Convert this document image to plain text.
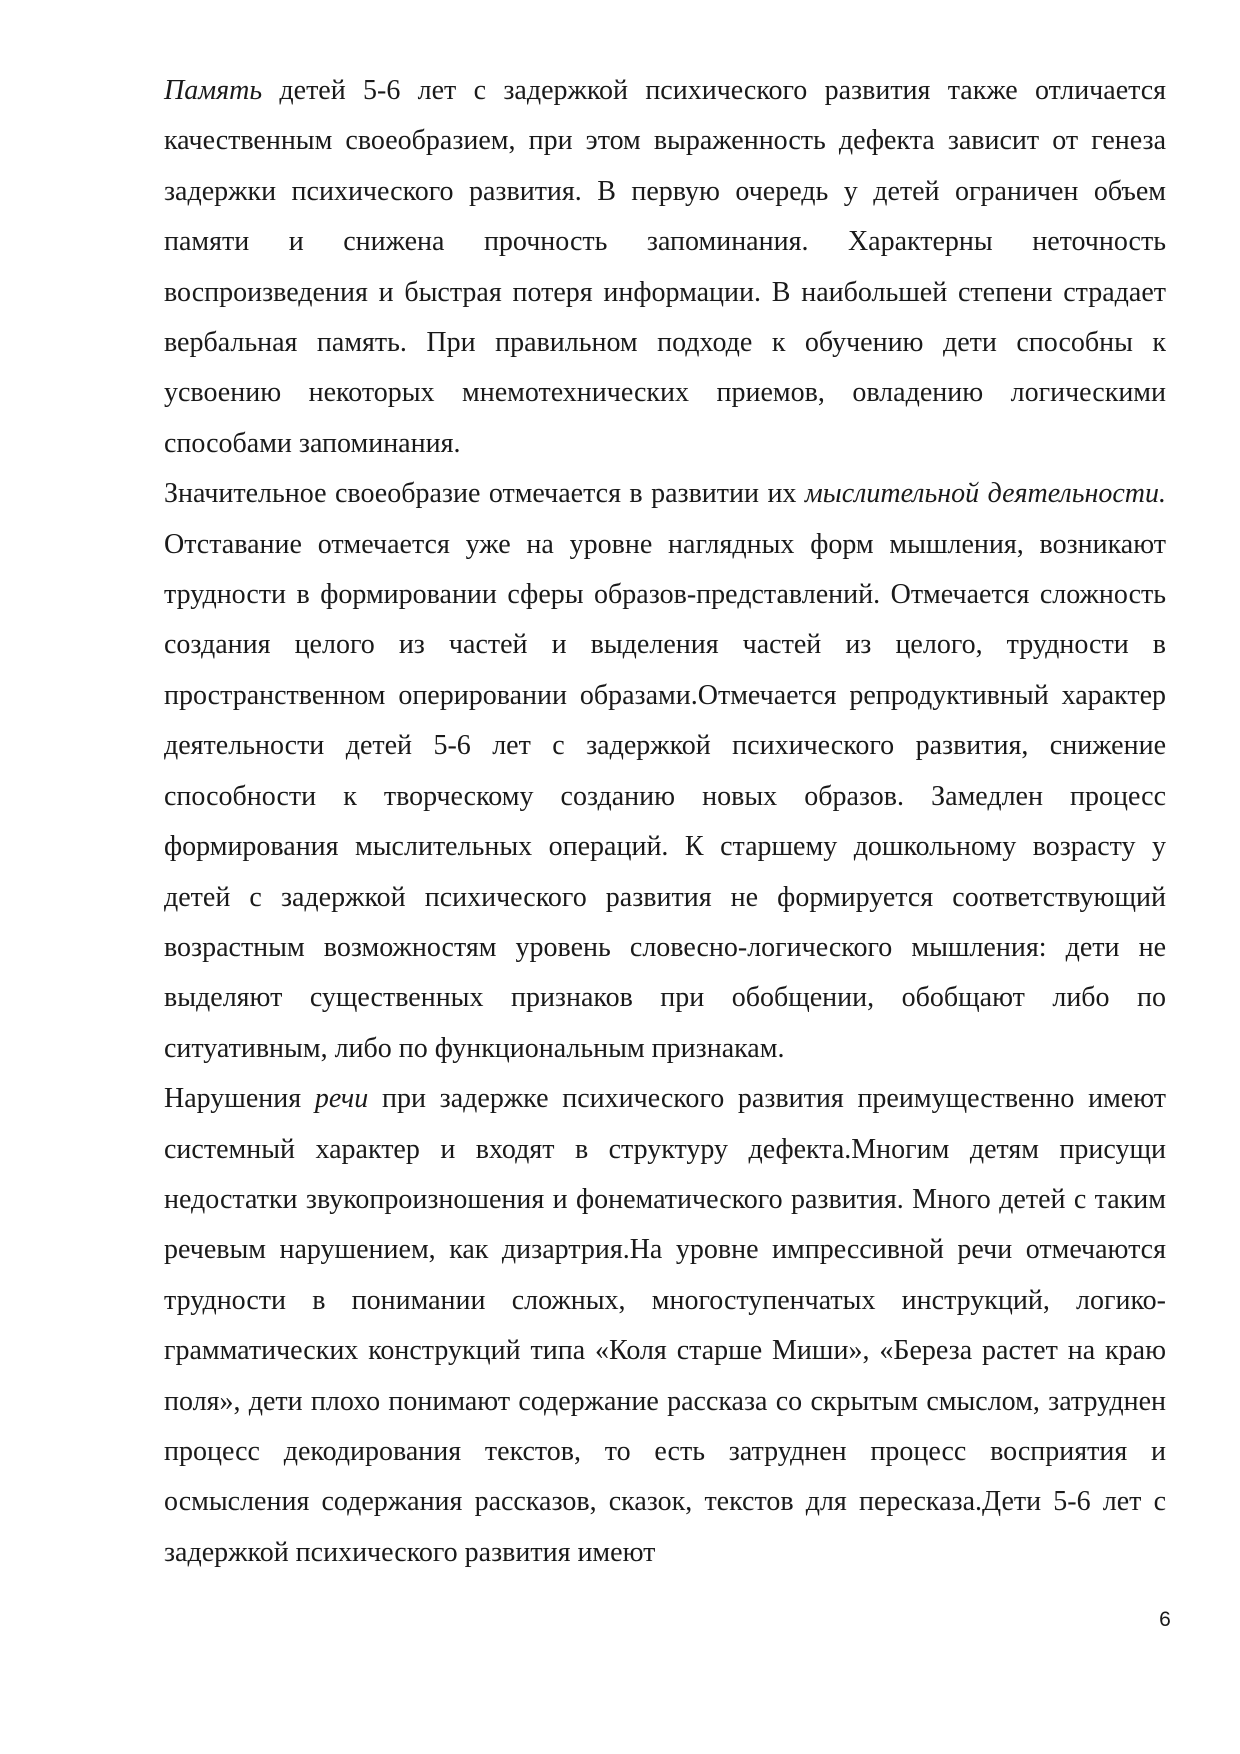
Память детей 5-6 лет с задержкой психического развития также отличается качественным своеобразием, при этом выраженность дефекта зависит от генеза задержки психического развития. В первую очередь у детей ограничен объем памяти и снижена прочность запоминания. Характерны неточность воспроизведения и быстрая потеря информации. В наибольшей степени страдает вербальная память. При правильном подходе к обучению дети способны к усвоению некоторых мнемотехнических приемов, овладению логическими способами запоминания.

Значительное своеобразие отмечается в развитии их мыслительной деятельности. Отставание отмечается уже на уровне наглядных форм мышления, возникают трудности в формировании сферы образов-представлений. Отмечается сложность создания целого из частей и выделения частей из целого, трудности в пространственном оперировании образами.Отмечается репродуктивный характер деятельности детей 5-6 лет с задержкой психического развития, снижение способности к творческому созданию новых образов. Замедлен процесс формирования мыслительных операций. К старшему дошкольному возрасту у детей с задержкой психического развития не формируется соответствующий возрастным возможностям уровень словесно-логического мышления: дети не выделяют существенных признаков при обобщении, обобщают либо по ситуативным, либо по функциональным признакам.

Нарушения речи при задержке психического развития преимущественно имеют системный характер и входят в структуру дефекта.Многим детям присущи недостатки звукопроизношения и фонематического развития. Много детей с таким речевым нарушением, как дизартрия.На уровне импрессивной речи отмечаются трудности в понимании сложных, многоступенчатых инструкций, логико-грамматических конструкций типа «Коля старше Миши», «Береза растет на краю поля», дети плохо понимают содержание рассказа со скрытым смыслом, затруднен процесс декодирования текстов, то есть затруднен процесс восприятия и осмысления содержания рассказов, сказок, текстов для пересказа.Дети 5-6 лет с задержкой психического развития имеют

6
